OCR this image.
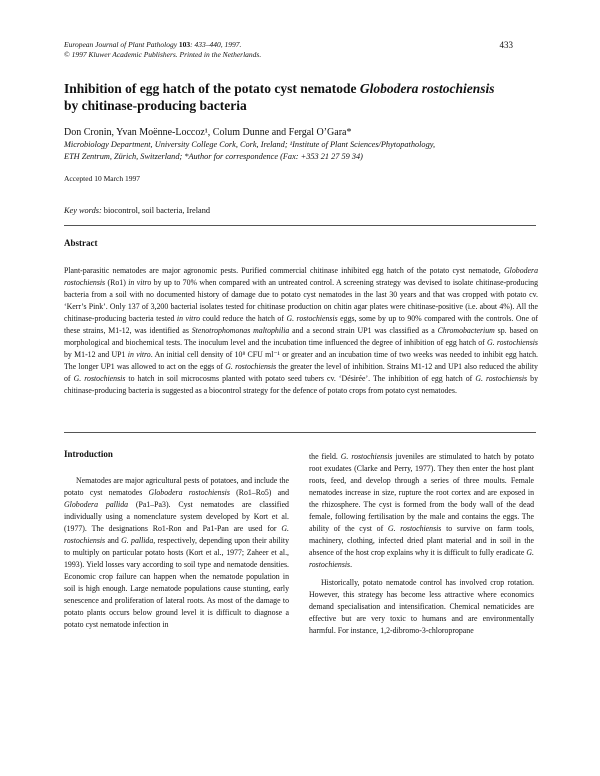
European Journal of Plant Pathology 103: 433–440, 1997.
© 1997 Kluwer Academic Publishers. Printed in the Netherlands.
433
Inhibition of egg hatch of the potato cyst nematode Globodera rostochiensis
by chitinase-producing bacteria
Don Cronin, Yvan Moënne-Loccoz¹, Colum Dunne and Fergal O’Gara*
Microbiology Department, University College Cork, Cork, Ireland; ¹Institute of Plant Sciences/Phytopathology,
ETH Zentrum, Zürich, Switzerland; *Author for correspondence (Fax: +353 21 27 59 34)
Accepted 10 March 1997
Key words: biocontrol, soil bacteria, Ireland
Abstract
Plant-parasitic nematodes are major agronomic pests. Purified commercial chitinase inhibited egg hatch of the potato cyst nematode, Globodera rostochiensis (Ro1) in vitro by up to 70% when compared with an untreated control. A screening strategy was devised to isolate chitinase-producing bacteria from a soil with no documented history of damage due to potato cyst nematodes in the last 30 years and that was cropped with potato cv. ‘Kerr’s Pink’. Only 137 of 3,200 bacterial isolates tested for chitinase production on chitin agar plates were chitinase-positive (i.e. about 4%). All the chitinase-producing bacteria tested in vitro could reduce the hatch of G. rostochiensis eggs, some by up to 90% compared with the controls. One of these strains, M1-12, was identified as Stenotrophomonas maltophilia and a second strain UP1 was classified as a Chromobacterium sp. based on morphological and biochemical tests. The inoculum level and the incubation time influenced the degree of inhibition of egg hatch of G. rostochiensis by M1-12 and UP1 in vitro. An initial cell density of 10⁸ CFU ml⁻¹ or greater and an incubation time of two weeks was needed to inhibit egg hatch. The longer UP1 was allowed to act on the eggs of G. rostochiensis the greater the level of inhibition. Strains M1-12 and UP1 also reduced the ability of G. rostochiensis to hatch in soil microcosms planted with potato seed tubers cv. ‘Désirée’. The inhibition of egg hatch of G. rostochiensis by chitinase-producing bacteria is suggested as a biocontrol strategy for the defence of potato crops from potato cyst nematodes.
Introduction

Nematodes are major agricultural pests of potatoes, and include the potato cyst nematodes Globodera rostochiensis (Ro1–Ro5) and Globodera pallida (Pa1–Pa3). Cyst nematodes are classified individually using a nomenclature system developed by Kort et al. (1977). The designations Ro1-Ron and Pa1-Pan are used for G. rostochiensis and G. pallida, respectively, depending upon their ability to multiply on particular potato hosts (Kort et al., 1977; Zaheer et al., 1993). Yield losses vary according to soil type and nematode densities. Economic crop failure can happen when the nematode population in soil is high enough. Large nematode populations cause stunting, early senescence and proliferation of lateral roots. As most of the damage to potato plants occurs below ground level it is difficult to diagnose a potato cyst nematode infection in

the field. G. rostochiensis juveniles are stimulated to hatch by potato root exudates (Clarke and Perry, 1977). They then enter the host plant roots, feed, and develop through a series of three moults. Female nematodes increase in size, rupture the root cortex and are exposed in the rhizosphere. The cyst is formed from the body wall of the dead female, following fertilisation by the male and contains the eggs. The ability of the cyst of G. rostochiensis to survive on farm tools, machinery, clothing, infected dried plant material and in soil in the absence of the host crop explains why it is difficult to fully eradicate G. rostochiensis.

Historically, potato nematode control has involved crop rotation. However, this strategy has become less attractive where economics demand specialisation and intensification. Chemical nematicides are effective but are very toxic to humans and are environmentally harmful. For instance, 1,2-dibromo-3-chloropropane
